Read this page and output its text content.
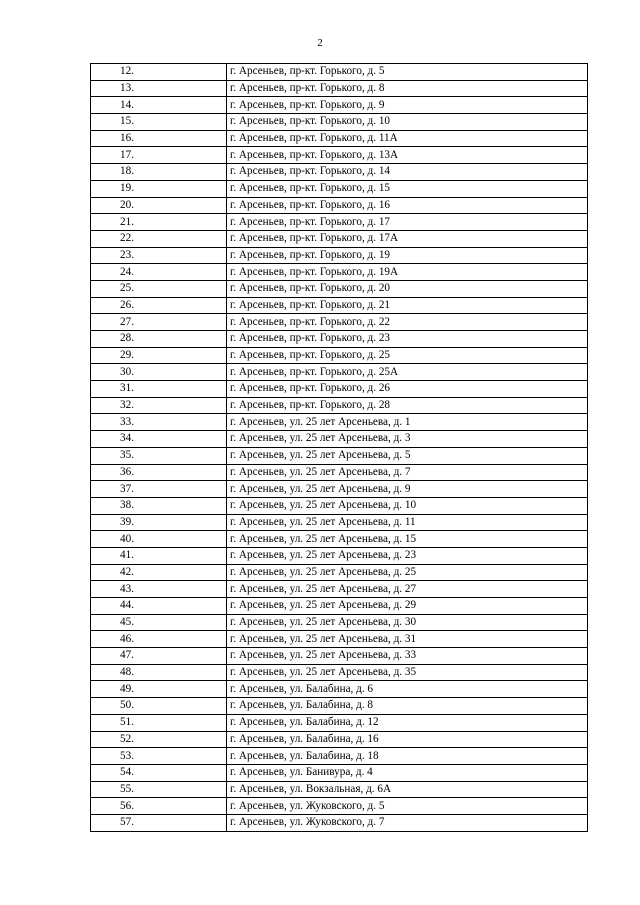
2
12.	г. Арсеньев, пр-кт. Горького, д. 5
13.	г. Арсеньев, пр-кт. Горького, д. 8
14.	г. Арсеньев, пр-кт. Горького, д. 9
15.	г. Арсеньев, пр-кт. Горького, д. 10
16.	г. Арсеньев, пр-кт. Горького, д. 11А
17.	г. Арсеньев, пр-кт. Горького, д. 13А
18.	г. Арсеньев, пр-кт. Горького, д. 14
19.	г. Арсеньев, пр-кт. Горького, д. 15
20.	г. Арсеньев, пр-кт. Горького, д. 16
21.	г. Арсеньев, пр-кт. Горького, д. 17
22.	г. Арсеньев, пр-кт. Горького, д. 17А
23.	г. Арсеньев, пр-кт. Горького, д. 19
24.	г. Арсеньев, пр-кт. Горького, д. 19А
25.	г. Арсеньев, пр-кт. Горького, д. 20
26.	г. Арсеньев, пр-кт. Горького, д. 21
27.	г. Арсеньев, пр-кт. Горького, д. 22
28.	г. Арсеньев, пр-кт. Горького, д. 23
29.	г. Арсеньев, пр-кт. Горького, д. 25
30.	г. Арсеньев, пр-кт. Горького, д. 25А
31.	г. Арсеньев, пр-кт. Горького, д. 26
32.	г. Арсеньев, пр-кт. Горького, д. 28
33.	г. Арсеньев, ул. 25 лет Арсеньева, д. 1
34.	г. Арсеньев, ул. 25 лет Арсеньева, д. 3
35.	г. Арсеньев, ул. 25 лет Арсеньева, д. 5
36.	г. Арсеньев, ул. 25 лет Арсеньева, д. 7
37.	г. Арсеньев, ул. 25 лет Арсеньева, д. 9
38.	г. Арсеньев, ул. 25 лет Арсеньева, д. 10
39.	г. Арсеньев, ул. 25 лет Арсеньева, д. 11
40.	г. Арсеньев, ул. 25 лет Арсеньева, д. 15
41.	г. Арсеньев, ул. 25 лет Арсеньева, д. 23
42.	г. Арсеньев, ул. 25 лет Арсеньева, д. 25
43.	г. Арсеньев, ул. 25 лет Арсеньева, д. 27
44.	г. Арсеньев, ул. 25 лет Арсеньева, д. 29
45.	г. Арсеньев, ул. 25 лет Арсеньева, д. 30
46.	г. Арсеньев, ул. 25 лет Арсеньева, д. 31
47.	г. Арсеньев, ул. 25 лет Арсеньева, д. 33
48.	г. Арсеньев, ул. 25 лет Арсеньева, д. 35
49.	г. Арсеньев, ул. Балабина, д. 6
50.	г. Арсеньев, ул. Балабина, д. 8
51.	г. Арсеньев, ул. Балабина, д. 12
52.	г. Арсеньев, ул. Балабина, д. 16
53.	г. Арсеньев, ул. Балабина, д. 18
54.	г. Арсеньев, ул. Банивура, д. 4
55.	г. Арсеньев, ул. Вокзальная, д. 6А
56.	г. Арсеньев, ул. Жуковского, д. 5
57.	г. Арсеньев, ул. Жуковского, д. 7
